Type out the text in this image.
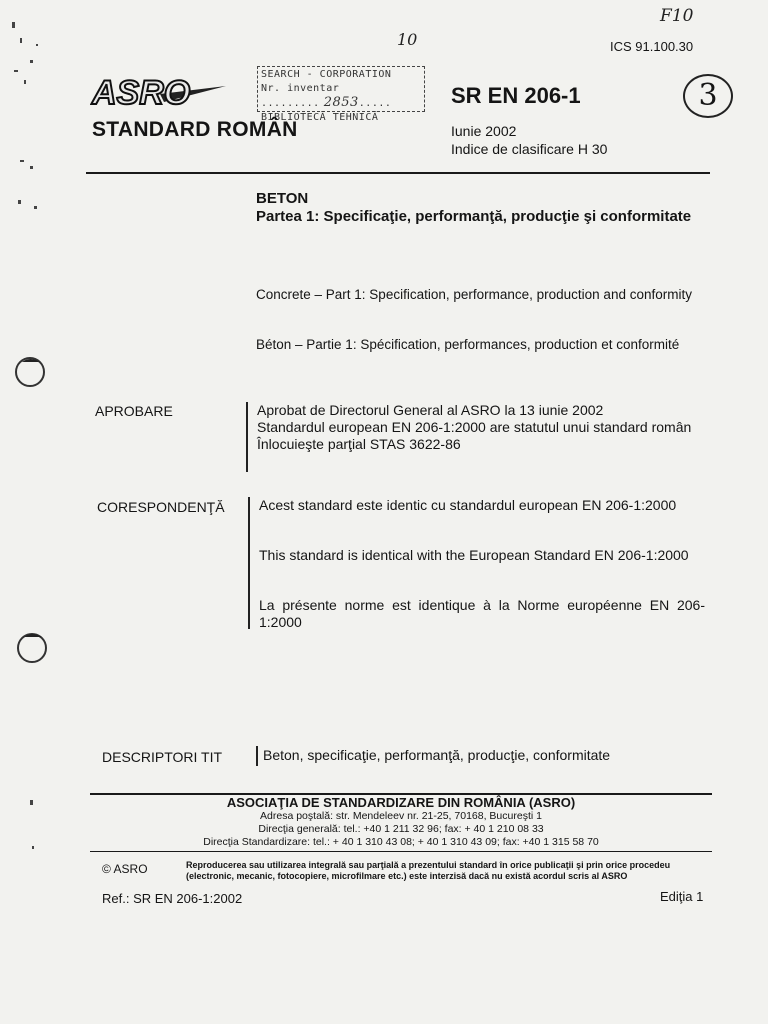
F10
10	ICS 91.100.30
ASRO	SEARCH - CORPORATION
Nr. inventar ......... 2853.....
BIBLIOTECĂ TEHNICĂ
STANDARD ROMÂN
SR EN 206-1	3
Iunie 2002
Indice de clasificare H 30
BETON
Partea 1: Specificaţie, performanţă, producţie şi conformitate
Concrete – Part 1: Specification, performance, production and conformity
Béton – Partie 1: Spécification, performances, production et conformité
APROBARE	Aprobat de Directorul General al ASRO la 13 iunie 2002

Standardul european EN 206-1:2000 are statutul unui standard român

Înlocuieşte parţial STAS 3622-86

CORESPONDENŢĂ Acest standard este identic cu standardul european EN 206-1:2000
This standard is identical with the European Standard EN 206-1:2000
La présente norme est identique à la Norme européenne EN 206-1:2000
DESCRIPTORI TIT	Beton, specificaţie, performanţă, producţie, conformitate
ASOCIAŢIA DE STANDARDIZARE DIN ROMÂNIA (ASRO)
Adresa poştală: str. Mendeleev nr. 21-25, 70168, Bucureşti 1
Direcţia generală: tel.: +40 1 211 32 96; fax: + 40 1 210 08 33
Direcţia Standardizare: tel.: + 40 1 310 43 08; + 40 1 310 43 09; fax: +40 1 315 58 70
© ASRO	Reproducerea sau utilizarea integrală sau parţială a prezentului standard în orice publicaţii şi prin orice procedeu (electronic, mecanic, fotocopiere, microfilmare etc.) este interzisă dacă nu există acordul scris al ASRO
Ref.: SR EN 206-1:2002	Ediţia 1
